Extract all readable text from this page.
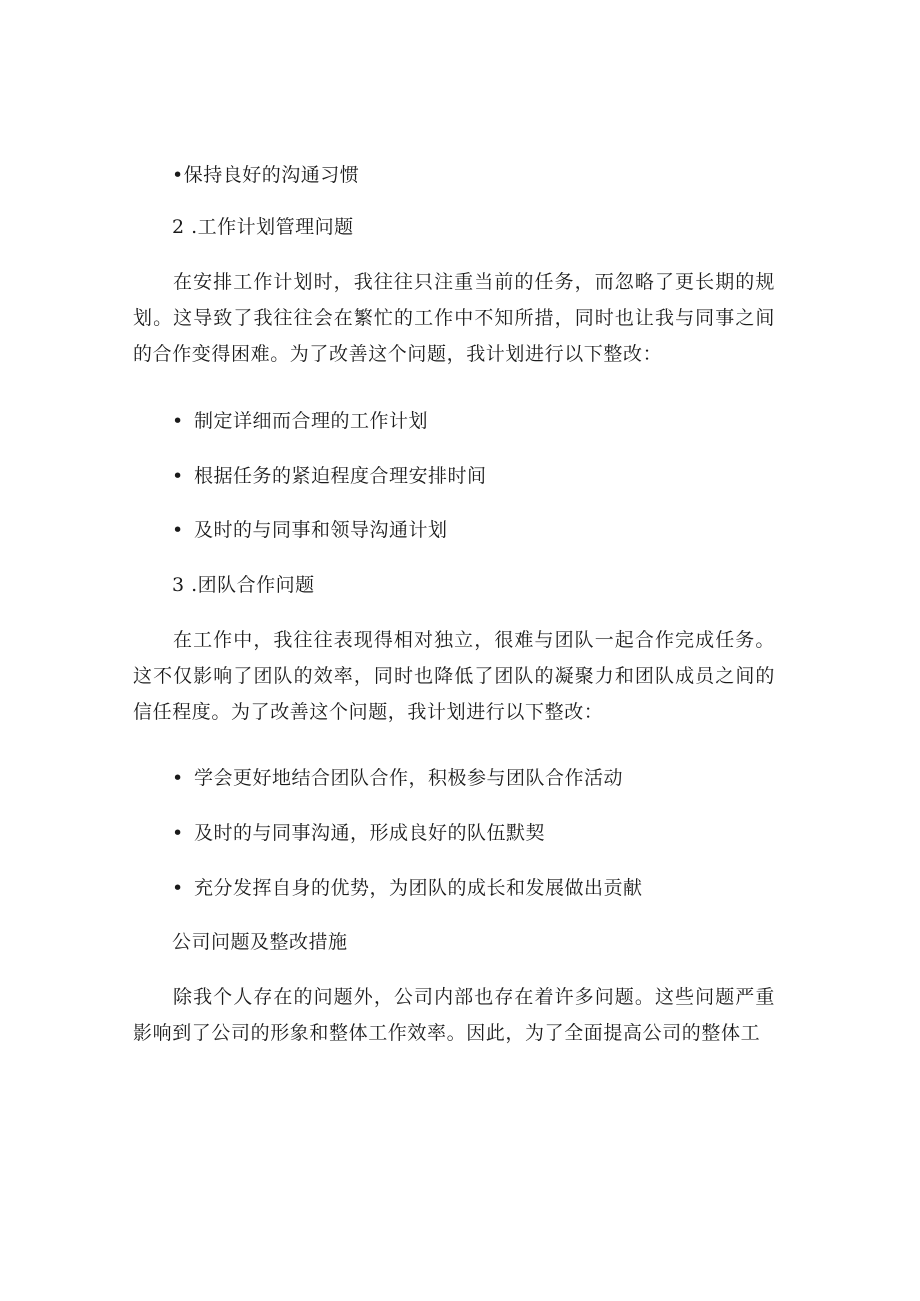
•保持良好的沟通习惯
2 .工作计划管理问题

在安排工作计划时，我往往只注重当前的任务，而忽略了更长期的规划。这导致了我往往会在繁忙的工作中不知所措，同时也让我与同事之间的合作变得困难。为了改善这个问题，我计划进行以下整改：

• 制定详细而合理的工作计划
• 根据任务的紧迫程度合理安排时间
• 及时的与同事和领导沟通计划
3 .团队合作问题

在工作中，我往往表现得相对独立，很难与团队一起合作完成任务。这不仅影响了团队的效率，同时也降低了团队的凝聚力和团队成员之间的信任程度。为了改善这个问题，我计划进行以下整改：

• 学会更好地结合团队合作，积极参与团队合作活动
• 及时的与同事沟通，形成良好的队伍默契
• 充分发挥自身的优势，为团队的成长和发展做出贡献
公司问题及整改措施

除我个人存在的问题外，公司内部也存在着许多问题。这些问题严重影响到了公司的形象和整体工作效率。因此，为了全面提高公司的整体工
